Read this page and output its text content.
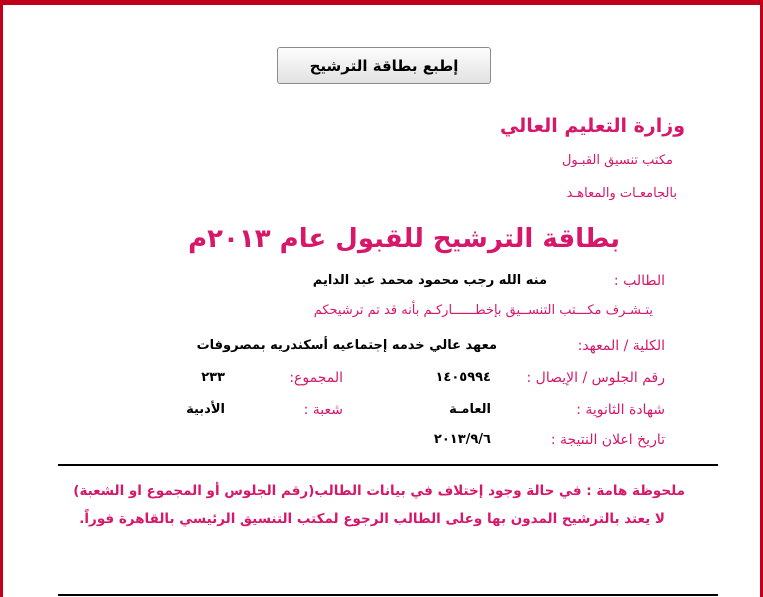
إطبع بطاقة الترشيح
وزارة التعليم العالي
مكتب تنسيق القبـول
بالجامعـات والمعاهـد
بطاقة الترشيح للقبول عام ٢٠١٣م
الطالب :
منه الله رجب محمود محمد عبد الدايم
يتـشـرف مكـــتب التنســيق بإخطــــــاركـم بأنه قد تم ترشيحكم
الكلية / المعهد:
معهد عالي خدمه إجتماعيه أسكندريه بمصروفات
رقم الجلوس / الإيصال :
١٤٠٥٩٩٤
المجموع:
٢٣٣
شهادة الثانوية :
العامـة
شعبة :
الأدبية
تاريخ اعلان النتيجة :
٢٠١٣/٩/٦
ملحوظة هامة : في حالة وجود إختلاف في بيانات الطالب(رقم الجلوس أو المجموع او الشعبة)
لا يعتد بالترشيح المدون بها وعلى الطالب الرجوع لمكتب التنسيق الرئيسي بالقاهرة فوراً.
